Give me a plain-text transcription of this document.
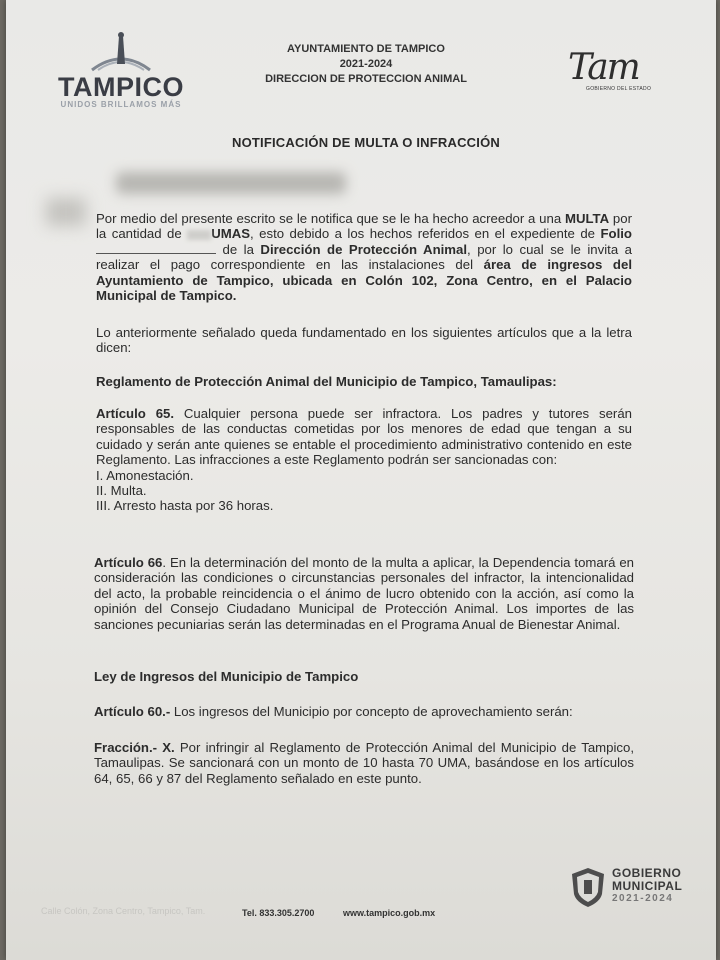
TAMPICO
UNIDOS BRILLAMOS MÁS
AYUNTAMIENTO DE TAMPICO
2021-2024
DIRECCION DE PROTECCION ANIMAL	Tam
GOBIERNO DEL ESTADO
NOTIFICACIÓN DE MULTA O INFRACCIÓN
Por medio del presente escrito se le notifica que se le ha hecho acreedor a una MULTA por la cantidad de UMAS, esto debido a los hechos referidos en el expediente de Folio de la Dirección de Protección Animal, por lo cual se le invita a realizar el pago correspondiente en las instalaciones del área de ingresos del Ayuntamiento de Tampico, ubicada en Colón 102, Zona Centro, en el Palacio Municipal de Tampico.
Lo anteriormente señalado queda fundamentado en los siguientes artículos que a la letra dicen:
Reglamento de Protección Animal del Municipio de Tampico, Tamaulipas:
Artículo 65. Cualquier persona puede ser infractora. Los padres y tutores serán responsables de las conductas cometidas por los menores de edad que tengan a su cuidado y serán ante quienes se entable el procedimiento administrativo contenido en este Reglamento. Las infracciones a este Reglamento podrán ser sancionadas con:
I. Amonestación.
II. Multa.
III. Arresto hasta por 36 horas.
Artículo 66. En la determinación del monto de la multa a aplicar, la Dependencia tomará en consideración las condiciones o circunstancias personales del infractor, la intencionalidad del acto, la probable reincidencia o el ánimo de lucro obtenido con la acción, así como la opinión del Consejo Ciudadano Municipal de Protección Animal. Los importes de las sanciones pecuniarias serán las determinadas en el Programa Anual de Bienestar Animal.
Ley de Ingresos del Municipio de Tampico
Artículo 60.- Los ingresos del Municipio por concepto de aprovechamiento serán:
Fracción.- X. Por infringir al Reglamento de Protección Animal del Municipio de Tampico, Tamaulipas. Se sancionará con un monto de 10 hasta 70 UMA, basándose en los artículos 64, 65, 66 y 87 del Reglamento señalado en este punto.
Calle Colón, Zona Centro, Tampico, Tam.	Tel. 833.305.2700	www.tampico.gob.mx
GOBIERNO
MUNICIPAL
2021-2024
